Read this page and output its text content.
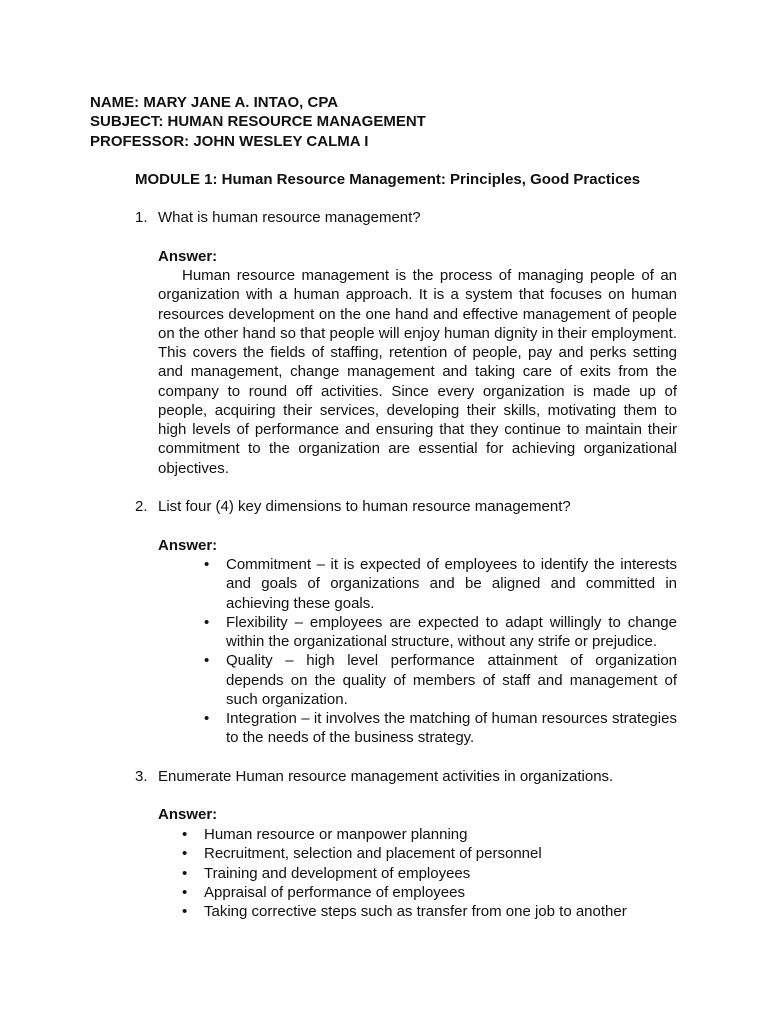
NAME: MARY JANE A. INTAO, CPA
SUBJECT: HUMAN RESOURCE MANAGEMENT
PROFESSOR: JOHN WESLEY CALMA I
MODULE 1: Human Resource Management: Principles, Good Practices
1. What is human resource management?
Answer:
Human resource management is the process of managing people of an organization with a human approach. It is a system that focuses on human resources development on the one hand and effective management of people on the other hand so that people will enjoy human dignity in their employment. This covers the fields of staffing, retention of people, pay and perks setting and management, change management and taking care of exits from the company to round off activities. Since every organization is made up of people, acquiring their services, developing their skills, motivating them to high levels of performance and ensuring that they continue to maintain their commitment to the organization are essential for achieving organizational objectives.
2. List four (4) key dimensions to human resource management?
Answer:
• Commitment – it is expected of employees to identify the interests and goals of organizations and be aligned and committed in achieving these goals.
• Flexibility – employees are expected to adapt willingly to change within the organizational structure, without any strife or prejudice.
• Quality – high level performance attainment of organization depends on the quality of members of staff and management of such organization.
• Integration – it involves the matching of human resources strategies to the needs of the business strategy.
3. Enumerate Human resource management activities in organizations.
Answer:
• Human resource or manpower planning
• Recruitment, selection and placement of personnel
• Training and development of employees
• Appraisal of performance of employees
• Taking corrective steps such as transfer from one job to another
